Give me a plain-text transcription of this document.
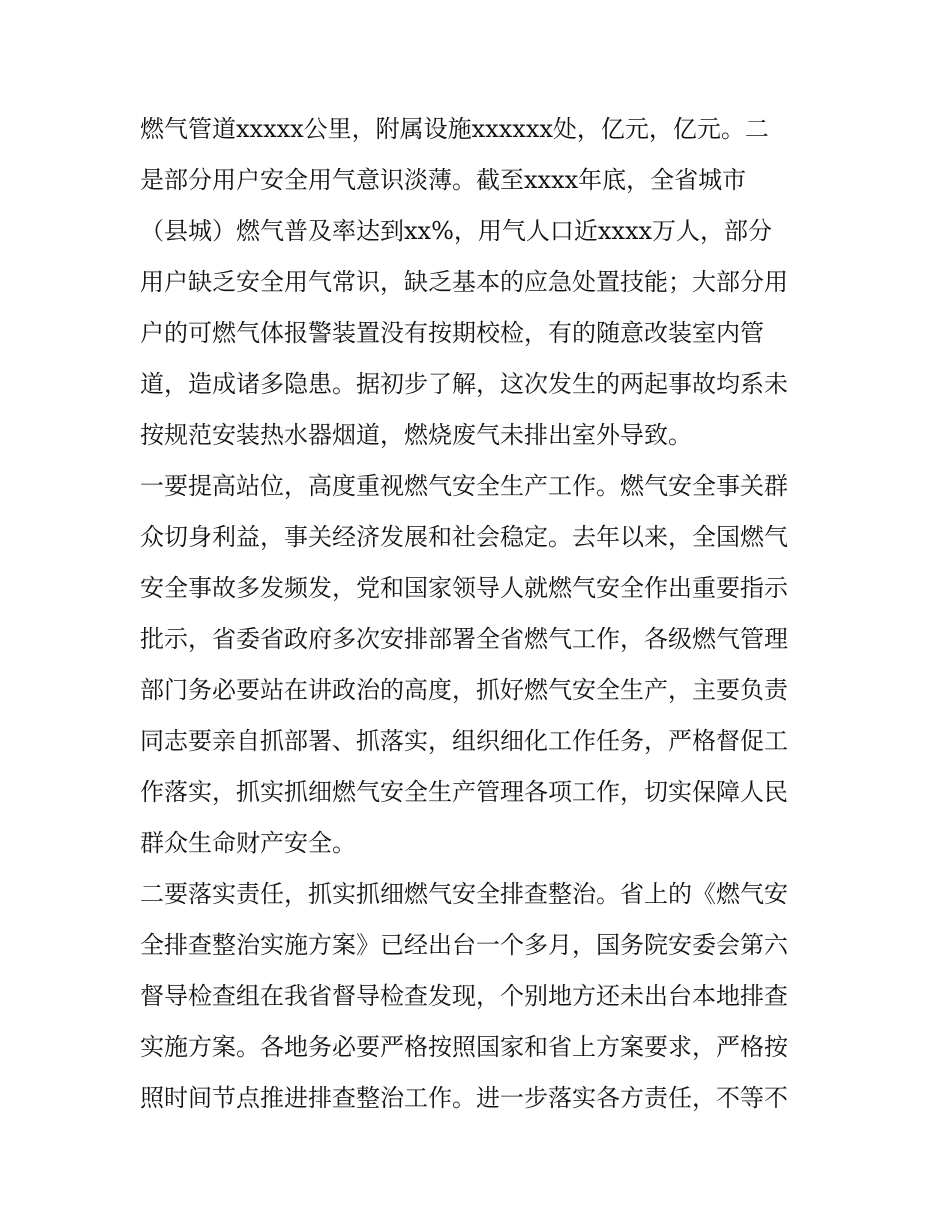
燃气管道xxxxx公里，附属设施xxxxxx处，亿元，亿元。二
是部分用户安全用气意识淡薄。截至xxxx年底，全省城市
（县城）燃气普及率达到xx%，用气人口近xxxx万人，部分
用户缺乏安全用气常识，缺乏基本的应急处置技能；大部分用
户的可燃气体报警装置没有按期校检，有的随意改装室内管
道，造成诸多隐患。据初步了解，这次发生的两起事故均系未
按规范安装热水器烟道，燃烧废气未排出室外导致。
一要提高站位，高度重视燃气安全生产工作。燃气安全事关群
众切身利益，事关经济发展和社会稳定。去年以来，全国燃气
安全事故多发频发，党和国家领导人就燃气安全作出重要指示
批示，省委省政府多次安排部署全省燃气工作，各级燃气管理
部门务必要站在讲政治的高度，抓好燃气安全生产，主要负责
同志要亲自抓部署、抓落实，组织细化工作任务，严格督促工
作落实，抓实抓细燃气安全生产管理各项工作，切实保障人民
群众生命财产安全。
二要落实责任，抓实抓细燃气安全排查整治。省上的《燃气安
全排查整治实施方案》已经出台一个多月，国务院安委会第六
督导检查组在我省督导检查发现，个别地方还未出台本地排查
实施方案。各地务必要严格按照国家和省上方案要求，严格按
照时间节点推进排查整治工作。进一步落实各方责任，不等不
